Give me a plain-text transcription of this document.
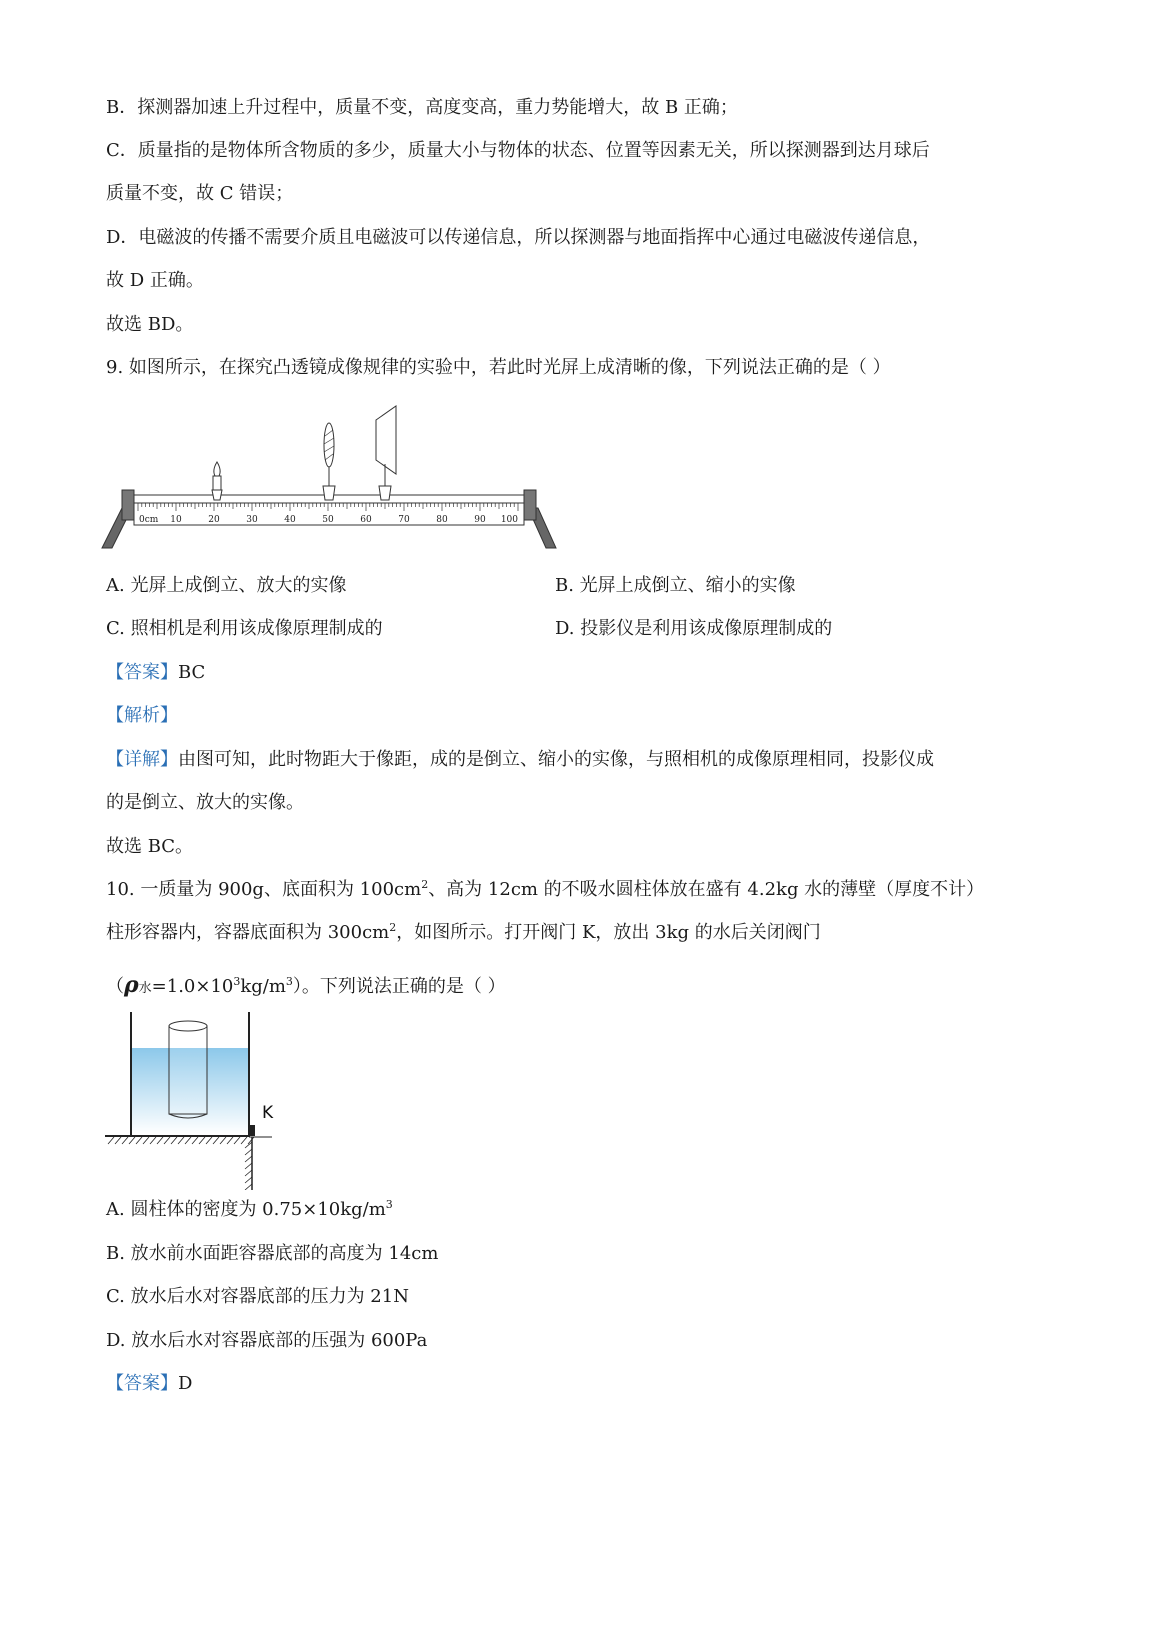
B．探测器加速上升过程中，质量不变，高度变高，重力势能增大，故 B 正确；
C．质量指的是物体所含物质的多少，质量大小与物体的状态、位置等因素无关，所以探测器到达月球后
质量不变，故 C 错误；
D．电磁波的传播不需要介质且电磁波可以传递信息，所以探测器与地面指挥中心通过电磁波传递信息，
故 D 正确。
故选 BD。
9. 如图所示，在探究凸透镜成像规律的实验中，若此时光屏上成清晰的像，下列说法正确的是（ ）
0cm 10	20	30	40	50	60	70	80	90 100
A. 光屏上成倒立、放大的实像	B. 光屏上成倒立、缩小的实像
C. 照相机是利用该成像原理制成的	D. 投影仪是利用该成像原理制成的
【答案】BC
【解析】
【详解】由图可知，此时物距大于像距，成的是倒立、缩小的实像，与照相机的成像原理相同，投影仪成
的是倒立、放大的实像。
故选 BC。
10. 一质量为 900g、底面积为 $100cm^2$、高为 12cm 的不吸水圆柱体放在盛有 4.2kg 水的薄壁（厚度不计）
柱形容器内，容器底面积为 $300cm^2$，如图所示。打开阀门 K，放出 3kg 的水后关闭阀门
（ρ水$=1.0\times 10^3kg/m^3$）。下列说法正确的是（ ）
K
A. 圆柱体的密度为 $0.75\times 10kg/m^3$
B. 放水前水面距容器底部的高度为 14cm
C. 放水后水对容器底部的压力为 21N
D. 放水后水对容器底部的压强为 600Pa
【答案】D
